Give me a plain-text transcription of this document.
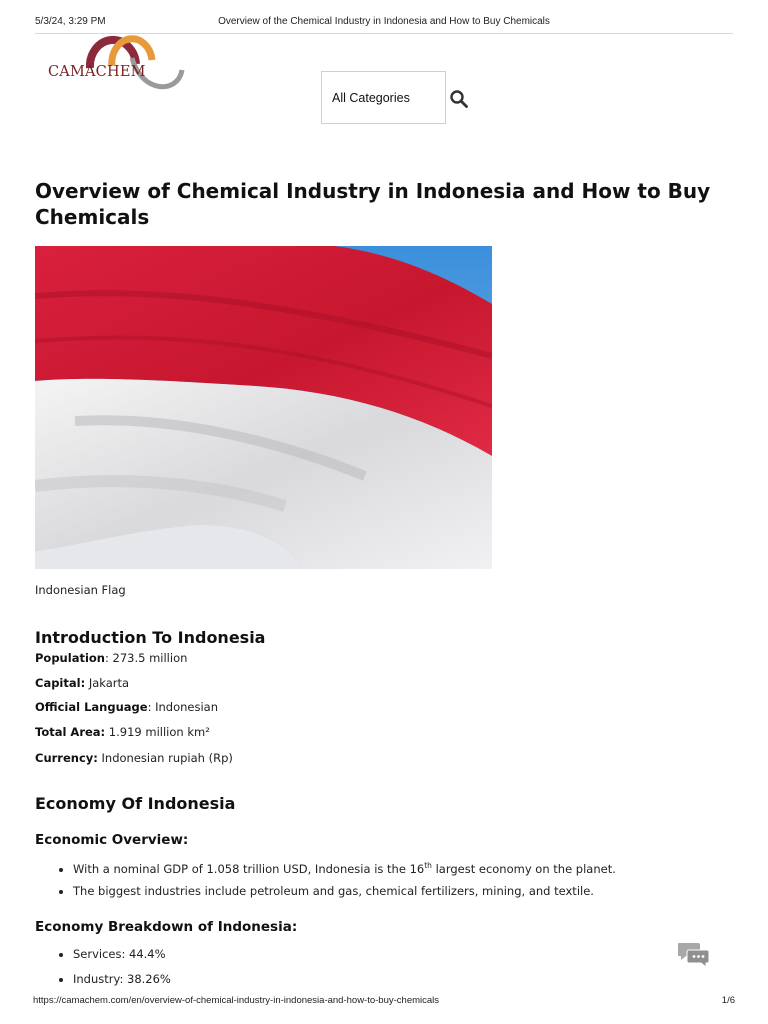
5/3/24, 3:29 PM	Overview of the Chemical Industry in Indonesia and How to Buy Chemicals
CAMACHEM
All Categories
Overview of Chemical Industry in Indonesia and How to Buy Chemicals
Indonesian Flag
Introduction To Indonesia
Population: 273.5 million
Capital: Jakarta
Official Language: Indonesian
Total Area: 1.919 million km²
Currency: Indonesian rupiah (Rp)
Economy Of Indonesia
Economic Overview:
• With a nominal GDP of 1.058 trillion USD, Indonesia is the 16th largest economy on the planet.
• The biggest industries include petroleum and gas, chemical fertilizers, mining, and textile.
Economy Breakdown of Indonesia:
• Services: 44.4%
• Industry: 38.26%
https://camachem.com/en/overview-of-chemical-industry-in-indonesia-and-how-to-buy-chemicals	1/6
